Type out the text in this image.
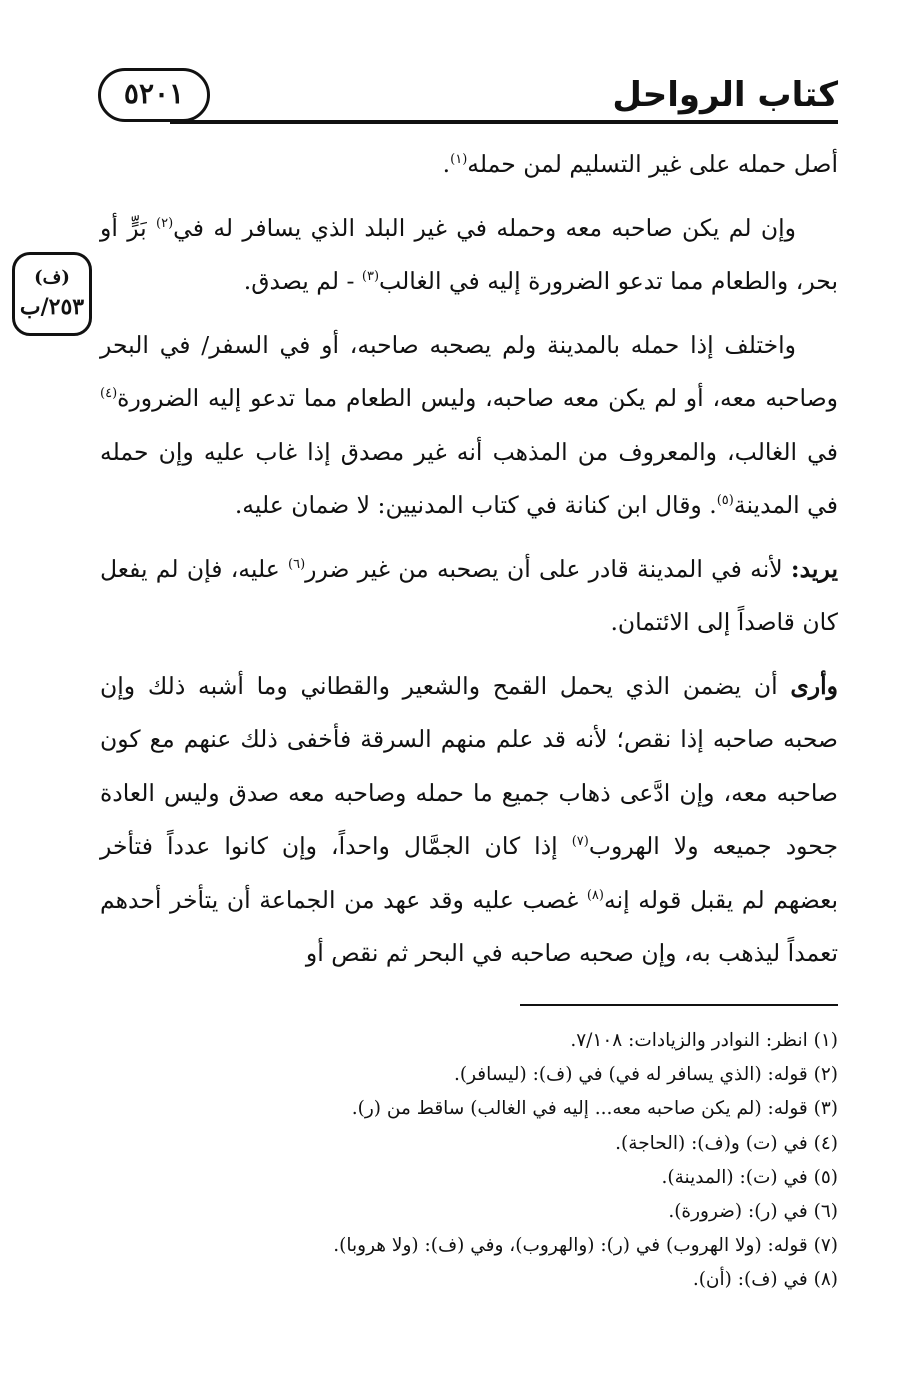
كتاب الرواحل
٥٢٠١
(ف)
٢٥٣/ب

أصل حمله على غير التسليم لمن حمله$^{(١)}$.

وإن لم يكن صاحبه معه وحمله في غير البلد الذي يسافر له في$^{(٢)}$ بَرٍّ أو بحر، والطعام مما تدعو الضرورة إليه في الغالب$^{(٣)}$ - لم يصدق.

واختلف إذا حمله بالمدينة ولم يصحبه صاحبه، أو في السفر/ في البحر وصاحبه معه، أو لم يكن معه صاحبه، وليس الطعام مما تدعو إليه الضرورة$^{(٤)}$ في الغالب، والمعروف من المذهب أنه غير مصدق إذا غاب عليه وإن حمله في المدينة$^{(٥)}$. وقال ابن كنانة في كتاب المدنيين: لا ضمان عليه.

يريد: لأنه في المدينة قادر على أن يصحبه من غير ضرر$^{(٦)}$ عليه، فإن لم يفعل كان قاصداً إلى الائتمان.

وأرى أن يضمن الذي يحمل القمح والشعير والقطاني وما أشبه ذلك وإن صحبه صاحبه إذا نقص؛ لأنه قد علم منهم السرقة فأخفى ذلك عنهم مع كون صاحبه معه، وإن ادَّعى ذهاب جميع ما حمله وصاحبه معه صدق وليس العادة جحود جميعه ولا الهروب$^{(٧)}$ إذا كان الجمَّال واحداً، وإن كانوا عدداً فتأخر بعضهم لم يقبل قوله إنه$^{(٨)}$ غصب عليه وقد عهد من الجماعة أن يتأخر أحدهم تعمداً ليذهب به، وإن صحبه صاحبه في البحر ثم نقص أو

(١) انظر: النوادر والزيادات: ٧/١٠٨.

(٢) قوله: (الذي يسافر له في) في (ف): (ليسافر).

(٣) قوله: (لم يكن صاحبه معه... إليه في الغالب) ساقط من (ر).

(٤) في (ت) و(ف): (الحاجة).

(٥) في (ت): (المدينة).

(٦) في (ر): (ضرورة).

(٧) قوله: (ولا الهروب) في (ر): (والهروب)، وفي (ف): (ولا هروبا).

(٨) في (ف): (أن).
